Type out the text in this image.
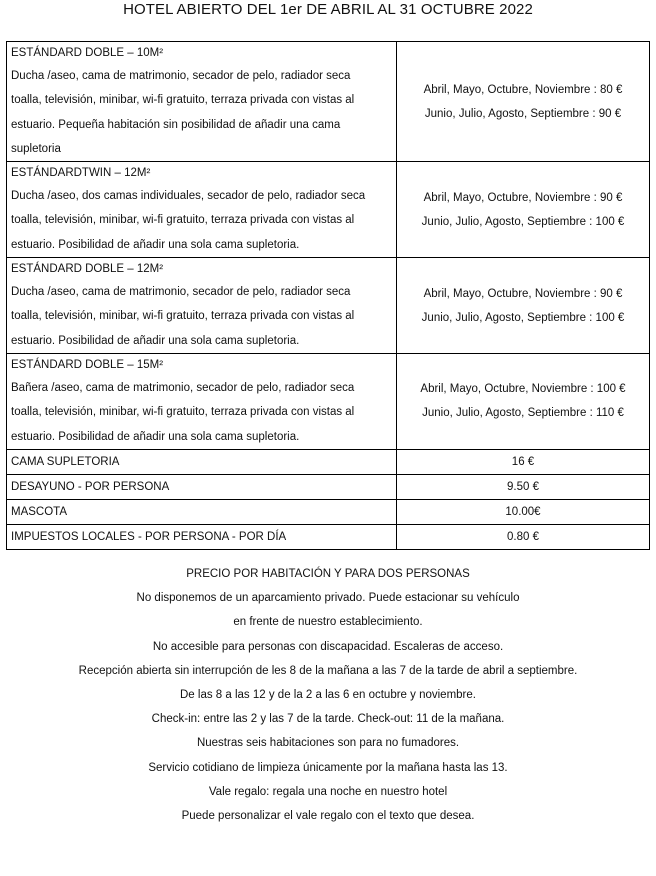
HOTEL ABIERTO DEL 1er DE ABRIL AL 31 OCTUBRE 2022
ESTÁNDARD DOBLE – 10M²
Ducha /aseo, cama de matrimonio, secador de pelo, radiador seca
toalla, televisión, minibar, wi-fi gratuito, terraza privada con vistas al
estuario. Pequeña habitación sin posibilidad de añadir una cama
supletoria	Abril, Mayo, Octubre, Noviembre : 80 €
Junio, Julio, Agosto, Septiembre : 90 €

ESTÁNDARDTWIN – 12M²
Ducha /aseo, dos camas individuales, secador de pelo, radiador seca
toalla, televisión, minibar, wi-fi gratuito, terraza privada con vistas al
estuario. Posibilidad de añadir una sola cama supletoria.	Abril, Mayo, Octubre, Noviembre : 90 €
Junio, Julio, Agosto, Septiembre : 100 €

ESTÁNDARD DOBLE – 12M²
Ducha /aseo, cama de matrimonio, secador de pelo, radiador seca
toalla, televisión, minibar, wi-fi gratuito, terraza privada con vistas al
estuario. Posibilidad de añadir una sola cama supletoria.	Abril, Mayo, Octubre, Noviembre : 90 €
Junio, Julio, Agosto, Septiembre : 100 €

ESTÁNDARD DOBLE – 15M²
Bañera /aseo, cama de matrimonio, secador de pelo, radiador seca
toalla, televisión, minibar, wi-fi gratuito, terraza privada con vistas al
estuario. Posibilidad de añadir una sola cama supletoria.	Abril, Mayo, Octubre, Noviembre : 100 €
Junio, Julio, Agosto, Septiembre : 110 €

CAMA SUPLETORIA	16 €
DESAYUNO - POR PERSONA	9.50 €
MASCOTA	10.00€
IMPUESTOS LOCALES - POR PERSONA - POR DÍA	0.80 €
PRECIO POR HABITACIÓN Y PARA DOS PERSONAS
No disponemos de un aparcamiento privado. Puede estacionar su vehículo
en frente de nuestro establecimiento.
No accesible para personas con discapacidad. Escaleras de acceso.
Recepción abierta sin interrupción de les 8 de la mañana a las 7 de la tarde de abril a septiembre.
De las 8 a las 12 y de la 2 a las 6 en octubre y noviembre.
Check-in: entre las 2 y las 7 de la tarde. Check-out: 11 de la mañana.
Nuestras seis habitaciones son para no fumadores.
Servicio cotidiano de limpieza únicamente por la mañana hasta las 13.
Vale regalo: regala una noche en nuestro hotel
Puede personalizar el vale regalo con el texto que desea.
